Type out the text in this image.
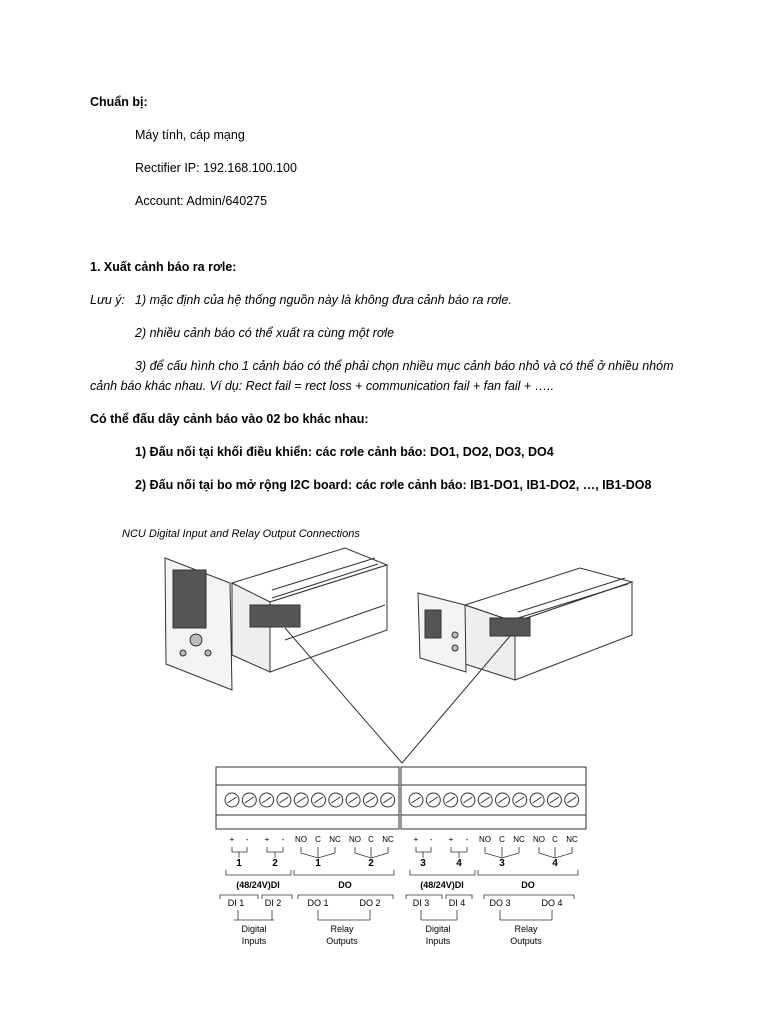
Chuẩn bị:
Máy tính, cáp mạng
Rectifier IP: 192.168.100.100
Account: Admin/640275
1. Xuất cảnh báo ra rơle:
Lưu ý: 1) mặc định của hệ thống nguồn này là không đưa cảnh báo ra rơle.
2) nhiều cảnh báo có thể xuất ra cùng một rơle
3) để cấu hình cho 1 cảnh báo có thể phải chọn nhiều mục cảnh báo nhỏ và có thể ở nhiều nhóm
cảnh báo khác nhau. Ví dụ: Rect fail = rect loss + communication fail + fan fail + …..
Có thể đấu dây cảnh báo vào 02 bo khác nhau:
1) Đấu nối tại khối điều khiển: các rơle cảnh báo: DO1, DO2, DO3, DO4
2) Đấu nối tại bo mở rộng I2C board: các rơle cảnh báo: IB1-DO1, IB1-DO2, …, IB1-DO8
NCU Digital Input and Relay Output Connections
+ - + - NO C NC NO C NC
1	2	1	2
(48/24V)DI	DO
DI 1 DI 2	DO 1	DO 2
Digital
Inputs
Relay
Outputs
+ - + - NO C NC NO C NC
3	4	3	4
(48/24V)DI	DO
DI 3 DI 4	DO 3	DO 4
Digital
Inputs
Relay
Outputs
